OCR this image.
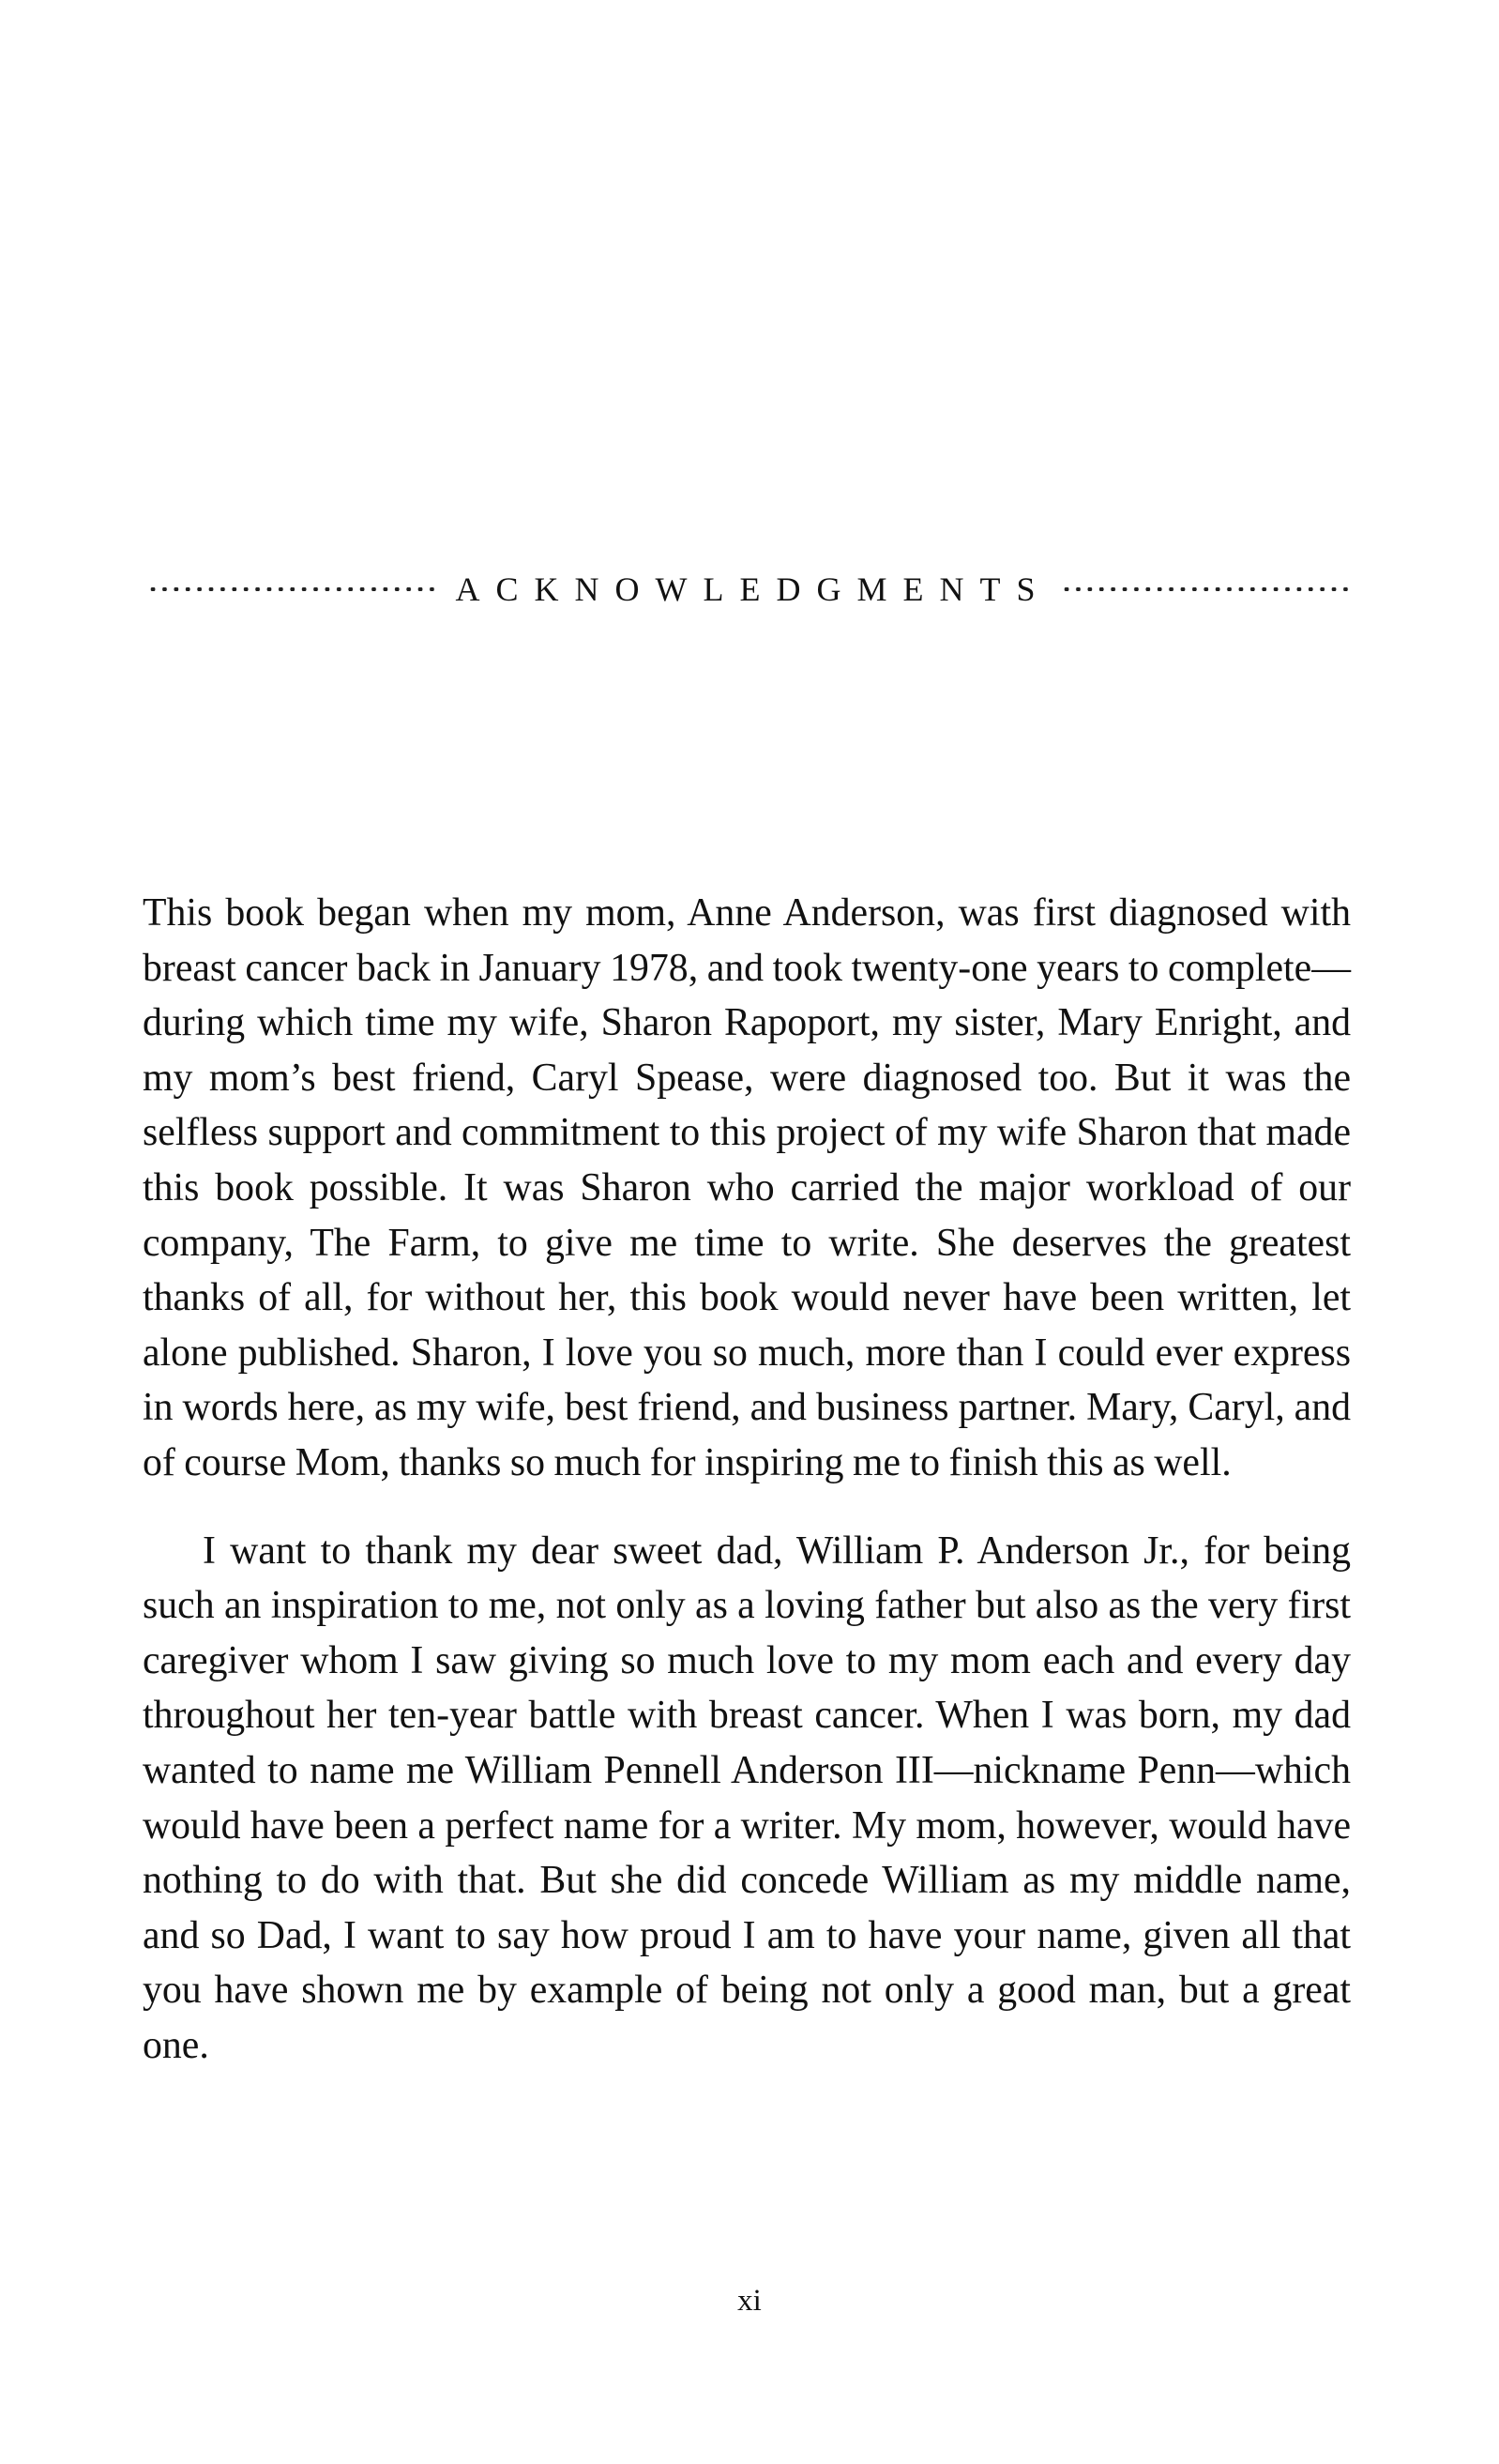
ACKNOWLEDGMENTS

This book began when my mom, Anne Anderson, was first diagnosed with breast cancer back in January 1978, and took twenty-one years to complete—during which time my wife, Sharon Rapoport, my sister, Mary Enright, and my mom’s best friend, Caryl Spease, were diagnosed too. But it was the selfless support and commitment to this project of my wife Sharon that made this book possible. It was Sharon who carried the major workload of our company, The Farm, to give me time to write. She deserves the greatest thanks of all, for without her, this book would never have been written, let alone published. Sharon, I love you so much, more than I could ever express in words here, as my wife, best friend, and business partner. Mary, Caryl, and of course Mom, thanks so much for inspiring me to finish this as well.

I want to thank my dear sweet dad, William P. Anderson Jr., for being such an inspiration to me, not only as a loving father but also as the very first caregiver whom I saw giving so much love to my mom each and every day throughout her ten-year battle with breast cancer. When I was born, my dad wanted to name me William Pennell Anderson III—nickname Penn—which would have been a perfect name for a writer. My mom, however, would have nothing to do with that. But she did concede William as my middle name, and so Dad, I want to say how proud I am to have your name, given all that you have shown me by example of being not only a good man, but a great one.

xi
